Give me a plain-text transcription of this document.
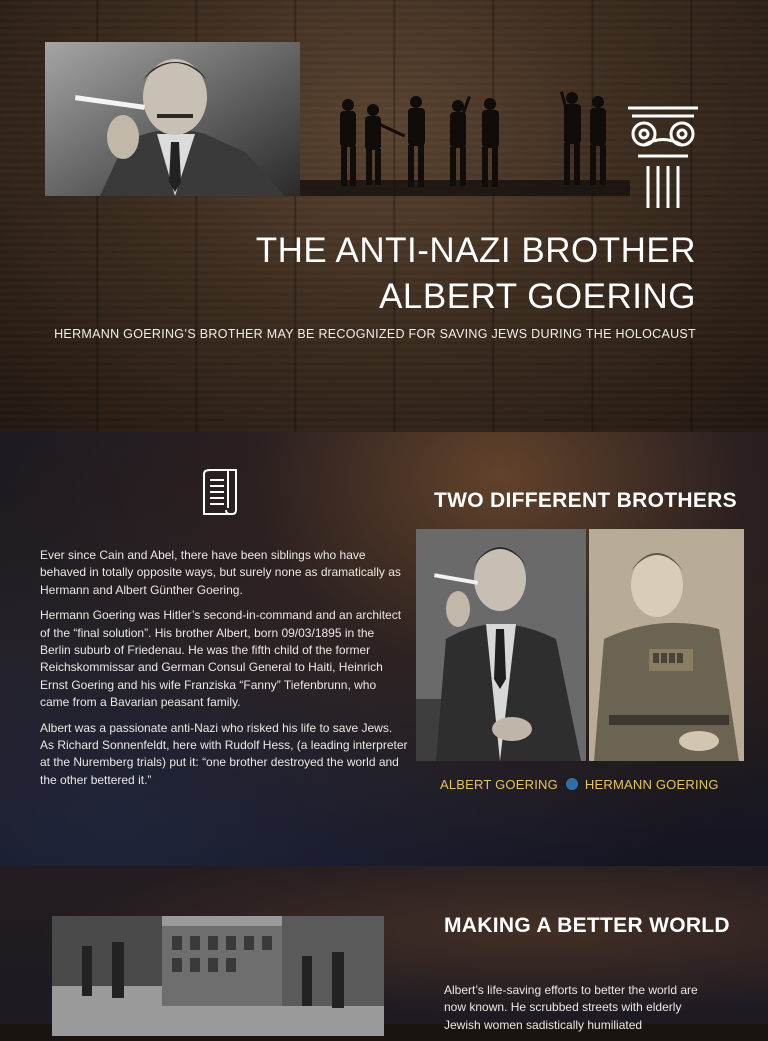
THE ANTI-NAZI BROTHER
ALBERT GOERING
HERMANN GOERING’S BROTHER MAY BE RECOGNIZED FOR SAVING JEWS DURING THE HOLOCAUST
TWO DIFFERENT BROTHERS

Ever since Cain and Abel, there have been siblings who have behaved in totally opposite ways, but surely none as dramatically as Hermann and Albert Günther Goering.

Hermann Goering was Hitler’s second-in-command and an architect of the “final solution”. His brother Albert, born 09/03/1895 in the Berlin suburb of Friedenau. He was the fifth child of the former Reichskommissar and German Consul General to Haiti, Heinrich Ernst Goering and his wife Franziska “Fanny” Tiefenbrunn, who came from a Bavarian peasant family.

Albert was a passionate anti-Nazi who risked his life to save Jews. As Richard Sonnenfeldt, here with Rudolf Hess, (a leading interpreter at the Nuremberg trials) put it: “one brother destroyed the world and the other bettered it.”	ALBERT GOERING HERMANN GOERING
MAKING A BETTER WORLD

Albert’s life-saving efforts to better the world are now known. He scrubbed streets with elderly Jewish women sadistically humiliated
